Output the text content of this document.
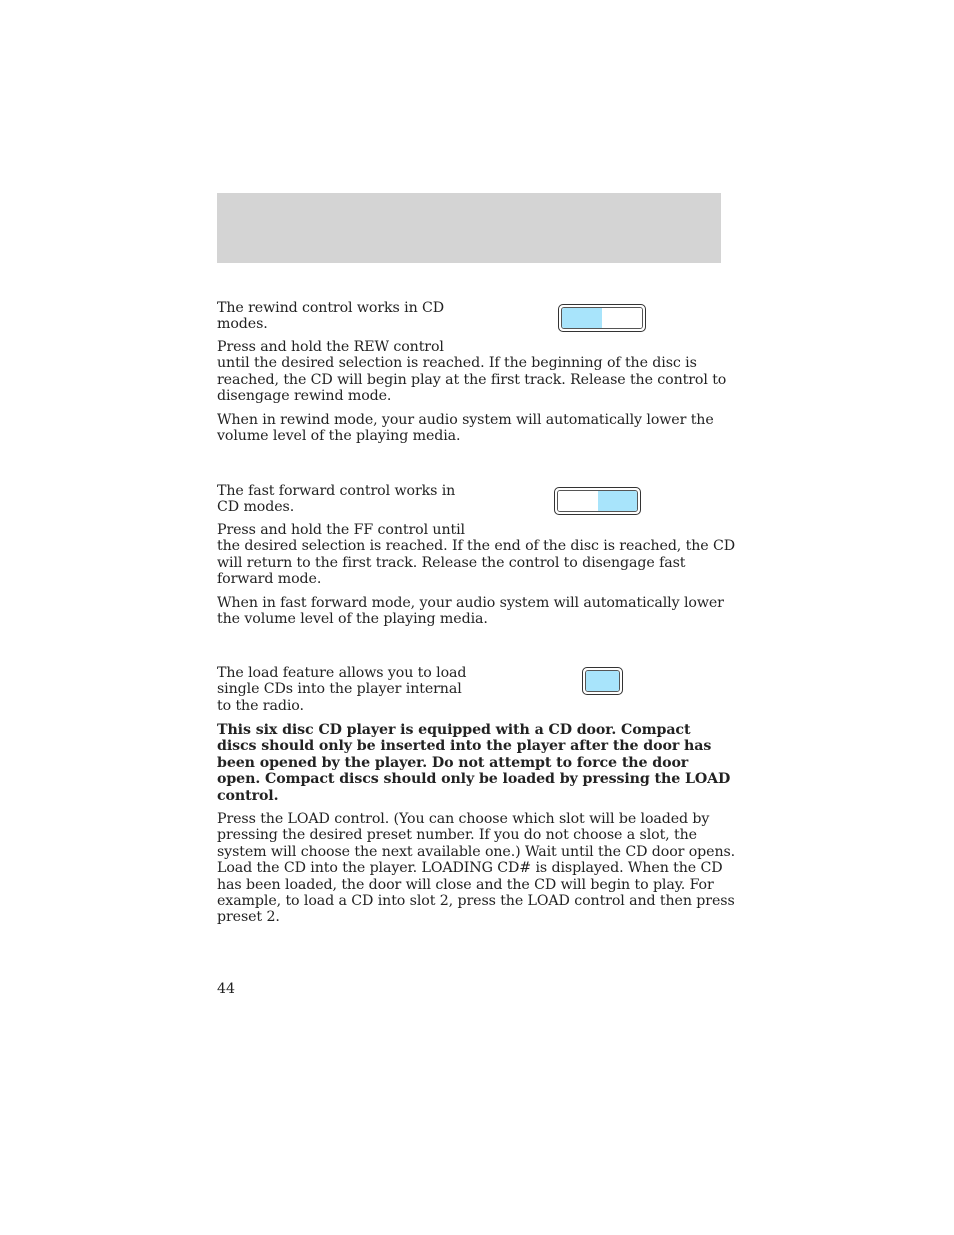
The rewind control works in CD
modes.
Press and hold the REW control
until the desired selection is reached. If the beginning of the disc is
reached, the CD will begin play at the first track. Release the control to
disengage rewind mode.
When in rewind mode, your audio system will automatically lower the
volume level of the playing media.
The fast forward control works in
CD modes.
Press and hold the FF control until
the desired selection is reached. If the end of the disc is reached, the CD
will return to the first track. Release the control to disengage fast
forward mode.
When in fast forward mode, your audio system will automatically lower
the volume level of the playing media.
The load feature allows you to load
single CDs into the player internal
to the radio.
This six disc CD player is equipped with a CD door. Compact
discs should only be inserted into the player after the door has
been opened by the player. Do not attempt to force the door
open. Compact discs should only be loaded by pressing the LOAD
control.
Press the LOAD control. (You can choose which slot will be loaded by
pressing the desired preset number. If you do not choose a slot, the
system will choose the next available one.) Wait until the CD door opens.
Load the CD into the player. LOADING CD# is displayed. When the CD
has been loaded, the door will close and the CD will begin to play. For
example, to load a CD into slot 2, press the LOAD control and then press
preset 2.
44
